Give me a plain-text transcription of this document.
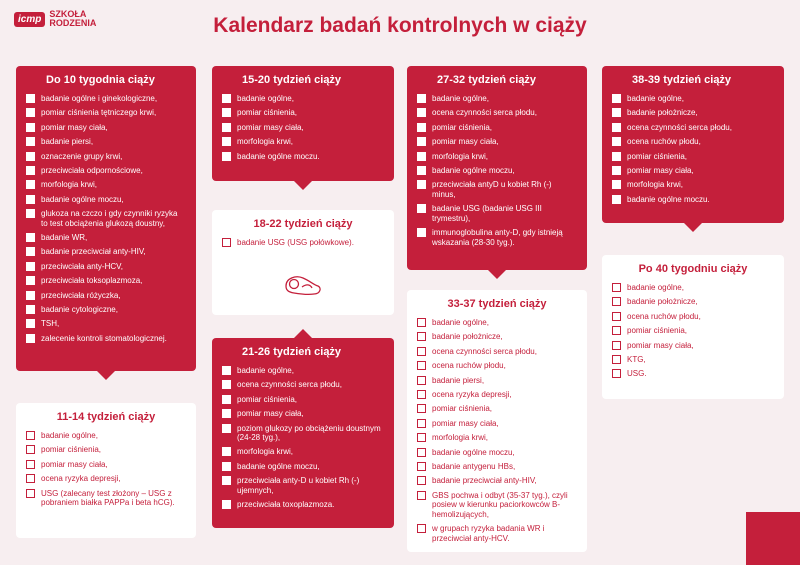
icmp SZKOŁA RODZENIA	Kalendarz badań kontrolnych w ciąży
Do 10 tygodnia ciąży
badanie ogólne i ginekologiczne,
pomiar ciśnienia tętniczego krwi,
pomiar masy ciała,
badanie piersi,
oznaczenie grupy krwi,
przeciwciała odpornościowe,
morfologia krwi,
badanie ogólne moczu,
glukoza na czczo i gdy czynniki ryzyka to test obciążenia glukozą doustny,
badanie WR,
badanie przeciwciał anty-HIV,
przeciwciała anty-HCV,
przeciwciała toksoplazmoza,
przeciwciała różyczka,
badanie cytologiczne,
TSH,
zalecenie kontroli stomatologicznej.
11-14 tydzień ciąży
badanie ogólne,
pomiar ciśnienia,
pomiar masy ciała,
ocena ryzyka depresji,
USG (zalecany test złożony – USG z pobraniem białka PAPPa i beta hCG).
15-20 tydzień ciąży
badanie ogólne,
pomiar ciśnienia,
pomiar masy ciała,
morfologia krwi,
badanie ogólne moczu.
18-22 tydzień ciąży
badanie USG (USG połówkowe).
21-26 tydzień ciąży
badanie ogólne,
ocena czynności serca płodu,
pomiar ciśnienia,
pomiar masy ciała,
poziom glukozy po obciążeniu doustnym (24-28 tyg.),
morfologia krwi,
badanie ogólne moczu,
przeciwciała anty-D u kobiet Rh (-) ujemnych,
przeciwciała toxoplazmoza.
27-32 tydzień ciąży
badanie ogólne,
ocena czynności serca płodu,
pomiar ciśnienia,
pomiar masy ciała,
morfologia krwi,
badanie ogólne moczu,
przeciwciała antyD u kobiet Rh (-) minus,
badanie USG (badanie USG III trymestru),
immunoglobulina anty-D, gdy istnieją wskazania (28-30 tyg.).
33-37 tydzień ciąży
badanie ogólne,
badanie położnicze,
ocena czynności serca płodu,
ocena ruchów płodu,
badanie piersi,
ocena ryzyka depresji,
pomiar ciśnienia,
pomiar masy ciała,
morfologia krwi,
badanie ogólne moczu,
badanie antygenu HBs,
badanie przeciwciał anty-HIV,
GBS pochwa i odbyt (35-37 tyg.), czyli posiew w kierunku paciorkowców B-hemolizujących,
w grupach ryzyka badania WR i przeciwciał anty-HCV.
38-39 tydzień ciąży
badanie ogólne,
badanie położnicze,
ocena czynności serca płodu,
ocena ruchów płodu,
pomiar ciśnienia,
pomiar masy ciała,
morfologia krwi,
badanie ogólne moczu.
Po 40 tygodniu ciąży
badanie ogólne,
badanie położnicze,
ocena ruchów płodu,
pomiar ciśnienia,
pomiar masy ciała,
KTG,
USG.
